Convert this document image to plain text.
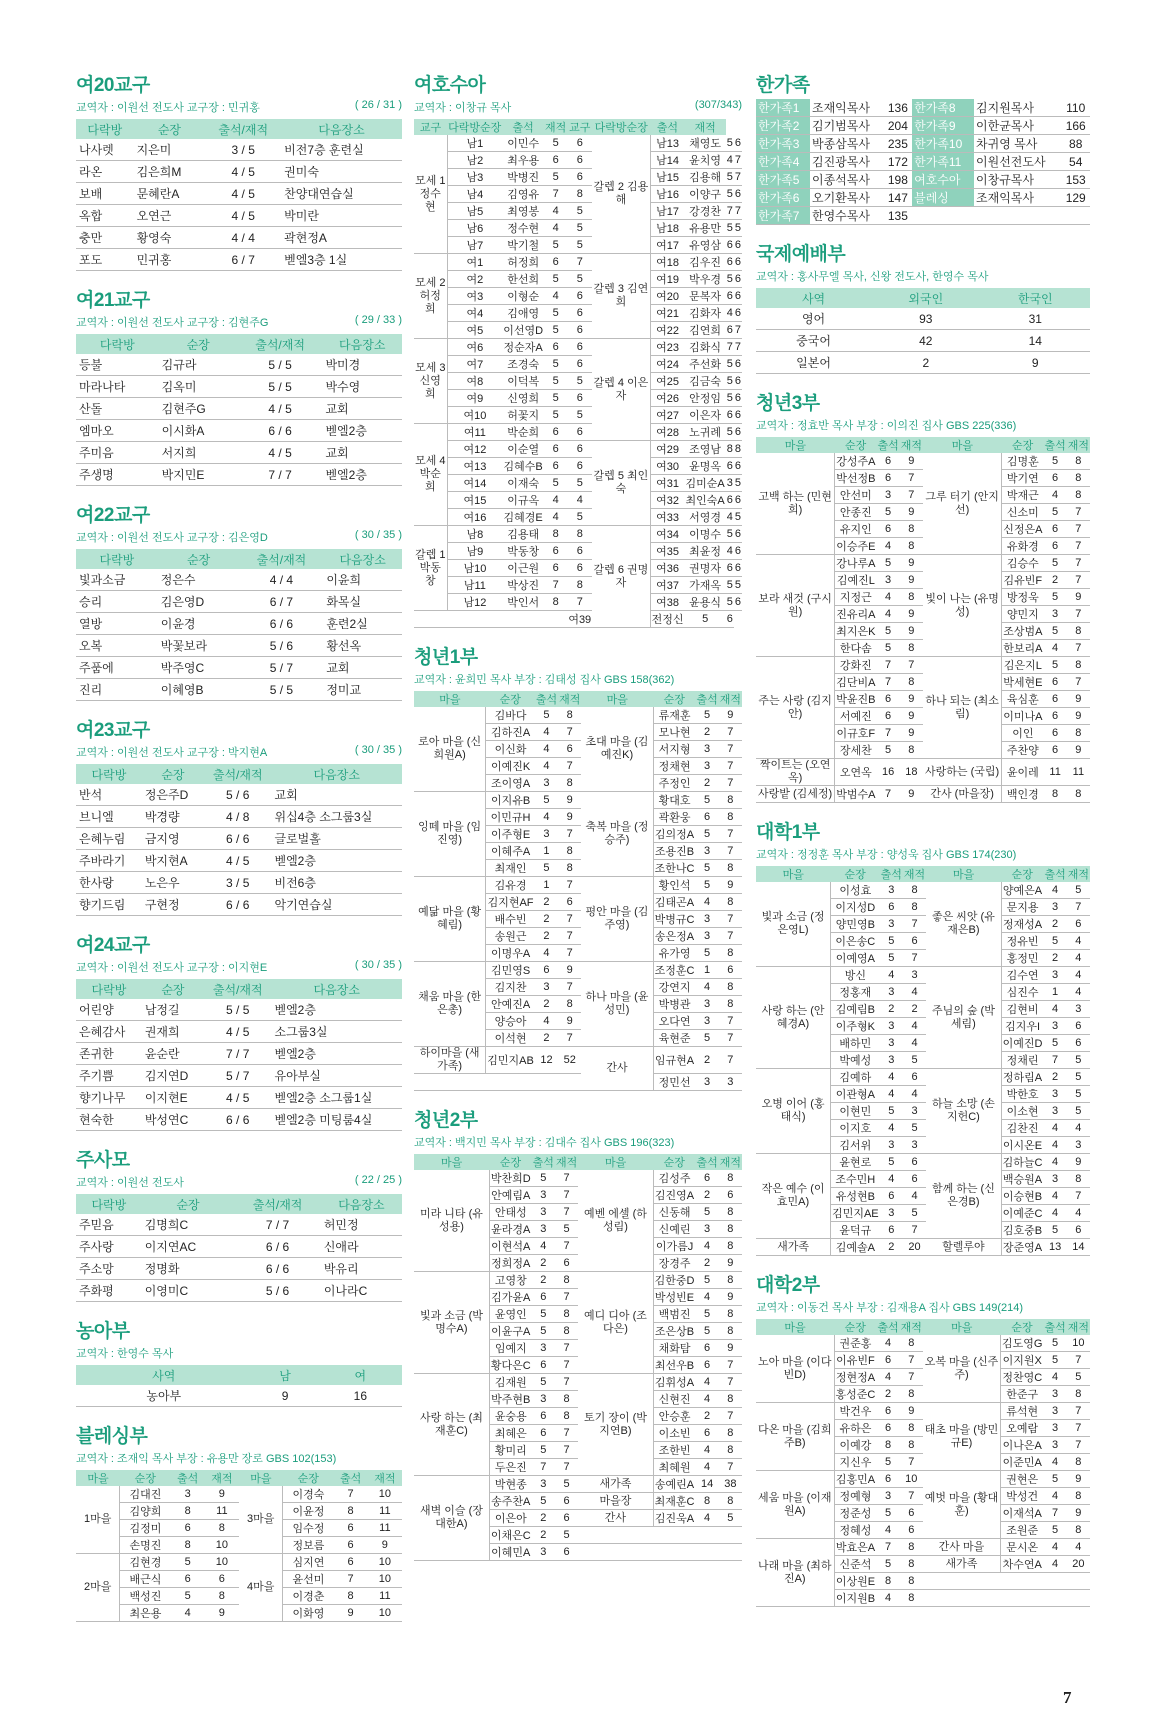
여20교구
교역자 : 이원선 전도사 교구장 : 민귀홍	( 26 / 31 )
다락방	순장	출석/재적	다음장소
나사렛	지은미	3 / 5	비전7층 훈련실
라온	김은희M	4 / 5	권미숙
보배	문혜란A	4 / 5	찬양대연습실
옥합	오연근	4 / 5	박미란
충만	황영숙	4 / 4	곽현정A
포도	민귀홍	6 / 7	벧엘3층 1실
여21교구
교역자 : 이원선 전도사 교구장 : 김현주G	( 29 / 33 )
다락방	순장	출석/재적	다음장소
등불	김규라	5 / 5	박미경
마라나타	김옥미	5 / 5	박수영
산돌	김현주G	4 / 5	교회
엠마오	이시화A	6 / 6	벧엘2층
주미음	서지희	4 / 5	교회
주생명	박지민E	7 / 7	벧엘2층
여22교구
교역자 : 이원선 전도사 교구장 : 김은영D	( 30 / 35 )
다락방	순장	출석/재적	다음장소
빛과소금	정은수	4 / 4	이윤희
승리	김은영D	6 / 7	화목실
열방	이윤경	6 / 6	훈련2실
오복	박꽃보라	5 / 6	황선옥
주품에	박주영C	5 / 7	교회
진리	이혜영B	5 / 5	정미교
여23교구
교역자 : 이원선 전도사 교구장 : 박지현A	( 30 / 35 )
다락방	순장	출석/재적	다음장소
반석	정은주D	5 / 6	교회
브니엘	박경량	4 / 8	위십4층 소그룹3실
은혜누림	금지영	6 / 6	글로벌홀
주바라기	박지현A	4 / 5	벧엘2층
한사랑	노은우	3 / 5	비전6층
향기드림	구현정	6 / 6	악기연습실
여24교구
교역자 : 이원선 전도사 교구장 : 이지현E	( 30 / 35 )
다락방	순장	출석/재적	다음장소
어린양	남정길	5 / 5	벧엘2층
은혜감사	권재희	4 / 5	소그룹3실
존귀한	윤순란	7 / 7	벧엘2층
주기쁨	김지연D	5 / 7	유아부실
향기나무	이지현E	4 / 5	벧엘2층 소그룹1실
현숙한	박성연C	6 / 6	벧엘2층 미팅룸4실
주사모
교역자 : 이원선 전도사	( 22 / 25 )
다락방	순장	출석/재적	다음장소
주믿음	김명희C	7 / 7	허민정
주사랑	이지연AC	6 / 6	신애라
주소망	정명화	6 / 6	박유리
주화평	이영미C	5 / 6	이나라C
농아부
교역자 : 한영수 목사
사역	남	여
농아부	9	16
블레싱부
교역자 : 조재익 목사 부장 : 유용만 장로 GBS 102(153)
마을	순장	출석	재적	마을	순장	출석	재적
1마을	김대진	3	9	3마을	이경숙	7	10
	김양희	8	11		이윤정	8	11
	김정미	6	8		임수정	6	11
	손명진	8	10		정보름	6	9
2마을	김현경	5	10	4마을	심지연	6	10
	배근식	6	6		윤선미	7	10
	백성진	5	8		이경춘	8	11
	최은용	4	9		이화영	9	10
여호수아
교역자 : 이창규 목사	(307/343)
교구	다락방순장	출석	재적	교구	다락방순장	출석	재적		
모세 1 정수현	남1	이민수	5	6	갈렙 2 김용해	남13	채영도	5	6
	남2	최우용	6	6		남14	윤치영	4	7
	남3	박병진	5	6		남15	김용해	5	7
	남4	김영유	7	8		남16	이양구	5	6
	남5	최영봉	4	5		남17	강경찬	7	7
	남6	정수현	4	5		남18	유용만	5	5
	남7	박기철	5	5		여17	유영삼	6	6
모세 2 허정희	여1	허정희	6	7	갈렙 3 김연희	여18	김우진	6	6
	여2	한선희	5	5		여19	박우경	5	6
	여3	이형순	4	6		여20	문복자	6	6
	여4	김애영	5	6		여21	김화자	4	6
	여5	이선영D	5	6		여22	김연희	6	7
모세 3 신영희	여6	정순자A	6	6	갈렙 4 이은자	여23	김화식	7	7
	여7	조경숙	5	6		여24	주선화	5	6
	여8	이덕복	5	5		여25	김금숙	5	6
	여9	신영희	5	6		여26	안정임	5	6
	여10	허꽃지	5	5		여27	이은자	6	6
모세 4 박순희	여11	박순희	6	6		여28	노귀례	5	6
	여12	이순열	6	6	갈렙 5 최인숙	여29	조영남	8	8
	여13	김혜수B	6	6		여30	윤명옥	6	6
	여14	이재숙	5	5		여31	김미순A	3	5
	여15	이규옥	4	4		여32	최인숙A	6	6
	여16	김혜경E	4	5		여33	서영경	4	5
갈렙 1 박동창	남8	김용태	8	8	갈렙 6 권명자	여34	이명수	5	6
	남9	박동창	6	6		여35	최윤정	4	6
	남10	이근원	6	6		여36	권명자	6	6
	남11	박상진	7	8		여37	가재옥	5	5
	남12	박인서	8	7		여38	윤용식	5	6
				여39		전정신	5	6	
청년1부
교역자 : 윤희민 목사 부장 : 김태성 집사 GBS 158(362)
마을	순장	출석	재적	마을	순장	출석	재적
로아 마을 (신희원A)	김바다	5	8	초대 마을 (김예진K)	류재훈	5	9
	김하진A	4	7		모나현	2	7
	이신화	4	6		서지형	3	7
	이예진K	4	7		정채현	3	7
	조이영A	3	8		주정인	2	7
잉떼 마을 (임진영)	이지유B	5	9	축복 마을 (정승주)	황대호	5	8
	이민규H	4	9		곽환웅	6	8
	이주형E	3	7		김의정A	5	7
	이혜주A	1	8		조용진B	3	7
	최재인	5	8		조한나C	5	8
예닮 마을 (황혜림)	김유경	1	7	평안 마을 (김주영)	황인석	5	9
	김지현AF	2	6		김태곤A	4	8
	배수빈	2	7		박병규C	3	7
	송원근	2	7		송은정A	3	7
	이명우A	4	7		유가영	5	8
채움 마을 (한은총)	김민영S	6	9	하나 마을 (윤성민)	조정훈C	1	6
	김지찬	3	7		강연지	4	8
	안예진A	2	8		박병관	3	8
	양승아	4	9		오다연	3	7
	이석현	2	7		육현준	5	7
하이마을 (새가족)	김민지AB	12	52	간사	임규현A	2	7
					정민선	3	3
청년2부
교역자 : 백지민 목사 부장 : 김대수 집사 GBS 196(323)
마을	순장	출석	재적	마을	순장	출석	재적
미라 니타 (유성용)	박찬희D	5	7	예벤 에셀 (하성림)	김성주	6	8
	안예림A	3	7		김진영A	2	6
	안태성	3	7		신동해	5	8
	윤라경A	3	5		신예린	3	8
	이현석A	4	7		이가름J	4	8
	정희정A	2	6		장경주	2	9
빛과 소금 (박명수A)	고영창	2	8	예디 디아 (조다은)	김한중D	5	8
	김가윤A	6	7		박성빈E	4	9
	윤영인	5	8		백범진	5	8
	이윤구A	5	8		조은상B	5	8
	임예지	3	7		채화탐	6	9
	황다은C	6	7		최선우B	6	7
사랑 하는 (최재훈C)	김재원	5	7	토기 장이 (박지연B)	김휘성A	4	7
	박주현B	3	8		신현진	4	8
	윤숭용	6	8		안승훈	2	7
	최혜은	6	7		이소빈	6	8
	황미리	5	7		조한빈	4	8
	두은진	7	7		최혜원	4	7
새벽 이슬 (장대한A)	박현종	3	5	새가족	송예린A	14	38
	송주찬A	5	6	마을장	최재훈C	8	8
	이은아	2	6	간사	김진욱A	4	5
	이채은C	2	5				
	이혜민A	3	6				
한가족
한가족1	조재익목사	136	한가족8	김지원목사	110
한가족2	김기범목사	204	한가족9	이한균목사	166
한가족3	박종삼목사	235	한가족10	차귀영 목사	88
한가족4	김진광목사	172	한가족11	이원선전도사	54
한가족5	이종석목사	198	여호수아	이창규목사	153
한가족6	오기환목사	147	블레싱	조재익목사	129
한가족7	한영수목사	135			
국제예배부
교역자 : 홍사무엘 목사, 신왕 전도사, 한영수 목사
사역	외국인	한국인
영어	93	31
중국어	42	14
일본어	2	9
청년3부
교역자 : 정효반 목사 부장 : 이의진 집사 GBS 225(336)
마을	순장	출석	재적	마을	순장	출석	재적
고백 하는 (민현희)	강성주A	6	9	그루 터기 (안지선)	김명훈	5	8
	박선정B	6	7		박기연	6	8
	안선미	3	7		박재근	4	8
	안종진	5	9		신소미	5	7
	유지인	6	8		신정은A	6	7
	이승주E	4	8		유화경	6	7
보라 새것 (구시원)	강나루A	5	9	빛이 나는 (유명성)	김승수	5	7
	김예진L	3	9		김유빈F	2	7
	지정근	4	8		방정욱	5	9
	진유리A	4	9		양민지	3	7
	최지은K	5	9		조상범A	5	8
	한다솜	5	8		한보리A	4	7
주는 사랑 (김지안)	강화진	7	7	하나 되는 (최소림)	김은지L	5	8
	김단비A	7	8		박세현E	6	7
	박윤진B	6	9		육심훈	6	9
	서예진	6	9		이미나A	6	9
	이규호F	7	9		이인	6	8
	장세찬	5	8		주찬양	6	9
짝이트는 (오연옥)	오연옥	16	18	사랑하는 (국립)	윤이레	11	11
사랑밭 (김세정)	박범수A	7	9	간사 (마을장)	백인경	8	8
대학1부
교역자 : 정정훈 목사 부장 : 양성욱 집사 GBS 174(230)
마을	순장	출석	재적	마을	순장	출석	재적
빛과 소금 (정은영L)	이성효	3	8	좋은 씨앗 (유재은B)	양예은A	4	5
	이지성D	6	8		문지용	3	7
	양민영B	3	7		정재성A	2	6
	이은송C	5	6		정유빈	5	4
	이예영A	5	7		홍정민	2	4
사랑 하는 (안혜경A)	방신	4	3	주님의 숲 (박세림)	김수연	3	4
	정홍재	3	4		심진수	1	4
	김예림B	2	2		김현비	4	3
	이주형K	3	4		김지우I	3	6
	배하민	3	4		이예진D	5	6
	박예성	3	5		정채린	7	5
오병 이어 (홍태식)	김예하	4	6	하늘 소망 (손지헌C)	정하림A	2	5
	이관형A	4	4		박한호	3	5
	이현민	5	3		이소현	3	5
	이지호	4	5		김찬진	4	4
	김서위	3	3		이시온E	4	3
작은 예수 (이효민A)	윤현로	5	6	함께 하는 (신은경B)	김하늘C	4	9
	조수민H	4	6		백승원A	3	8
	유성현B	6	4		이승현B	4	7
	김민지AE	3	5		이예준C	4	4
	윤덕규	6	7		김호중B	5	6
새가족	김예솔A	2	20	할렐루야	장준영A	13	14
대학2부
교역자 : 이동건 목사 부장 : 김재용A 집사 GBS 149(214)
마을	순장	출석	재적	마을	순장	출석	재적
노아 마을 (이다빈D)	권준홍	4	8	오복 마을 (신주주)	김도영G	5	10
	이유빈F	6	7		이지원X	5	7
	정현정A	4	7		정찬영C	4	5
	홍성준C	2	8		한준구	3	8
다온 마을 (김희주B)	박건우	6	9	태초 마을 (방민규E)	류석현	3	7
	유하은	6	8		오예람	3	7
	이예강	8	8		이나은A	3	7
	지신우	5	7		이준민A	4	8
세움 마을 (이재원A)	김홍민A	6	10	예벗 마을 (황대훈)	권현은	5	9
	정예형	3	7		박성건	4	8
	정준성	5	6		이재석A	7	9
	정혜성	4	6		조원준	5	8
나래 마을 (최하진A)	박효은A	7	8	간사 마을	문시온	4	4
	신준석	5	8	새가족	차수연A	4	20
	이상원E	8	8				
	이지원B	4	8				
7
